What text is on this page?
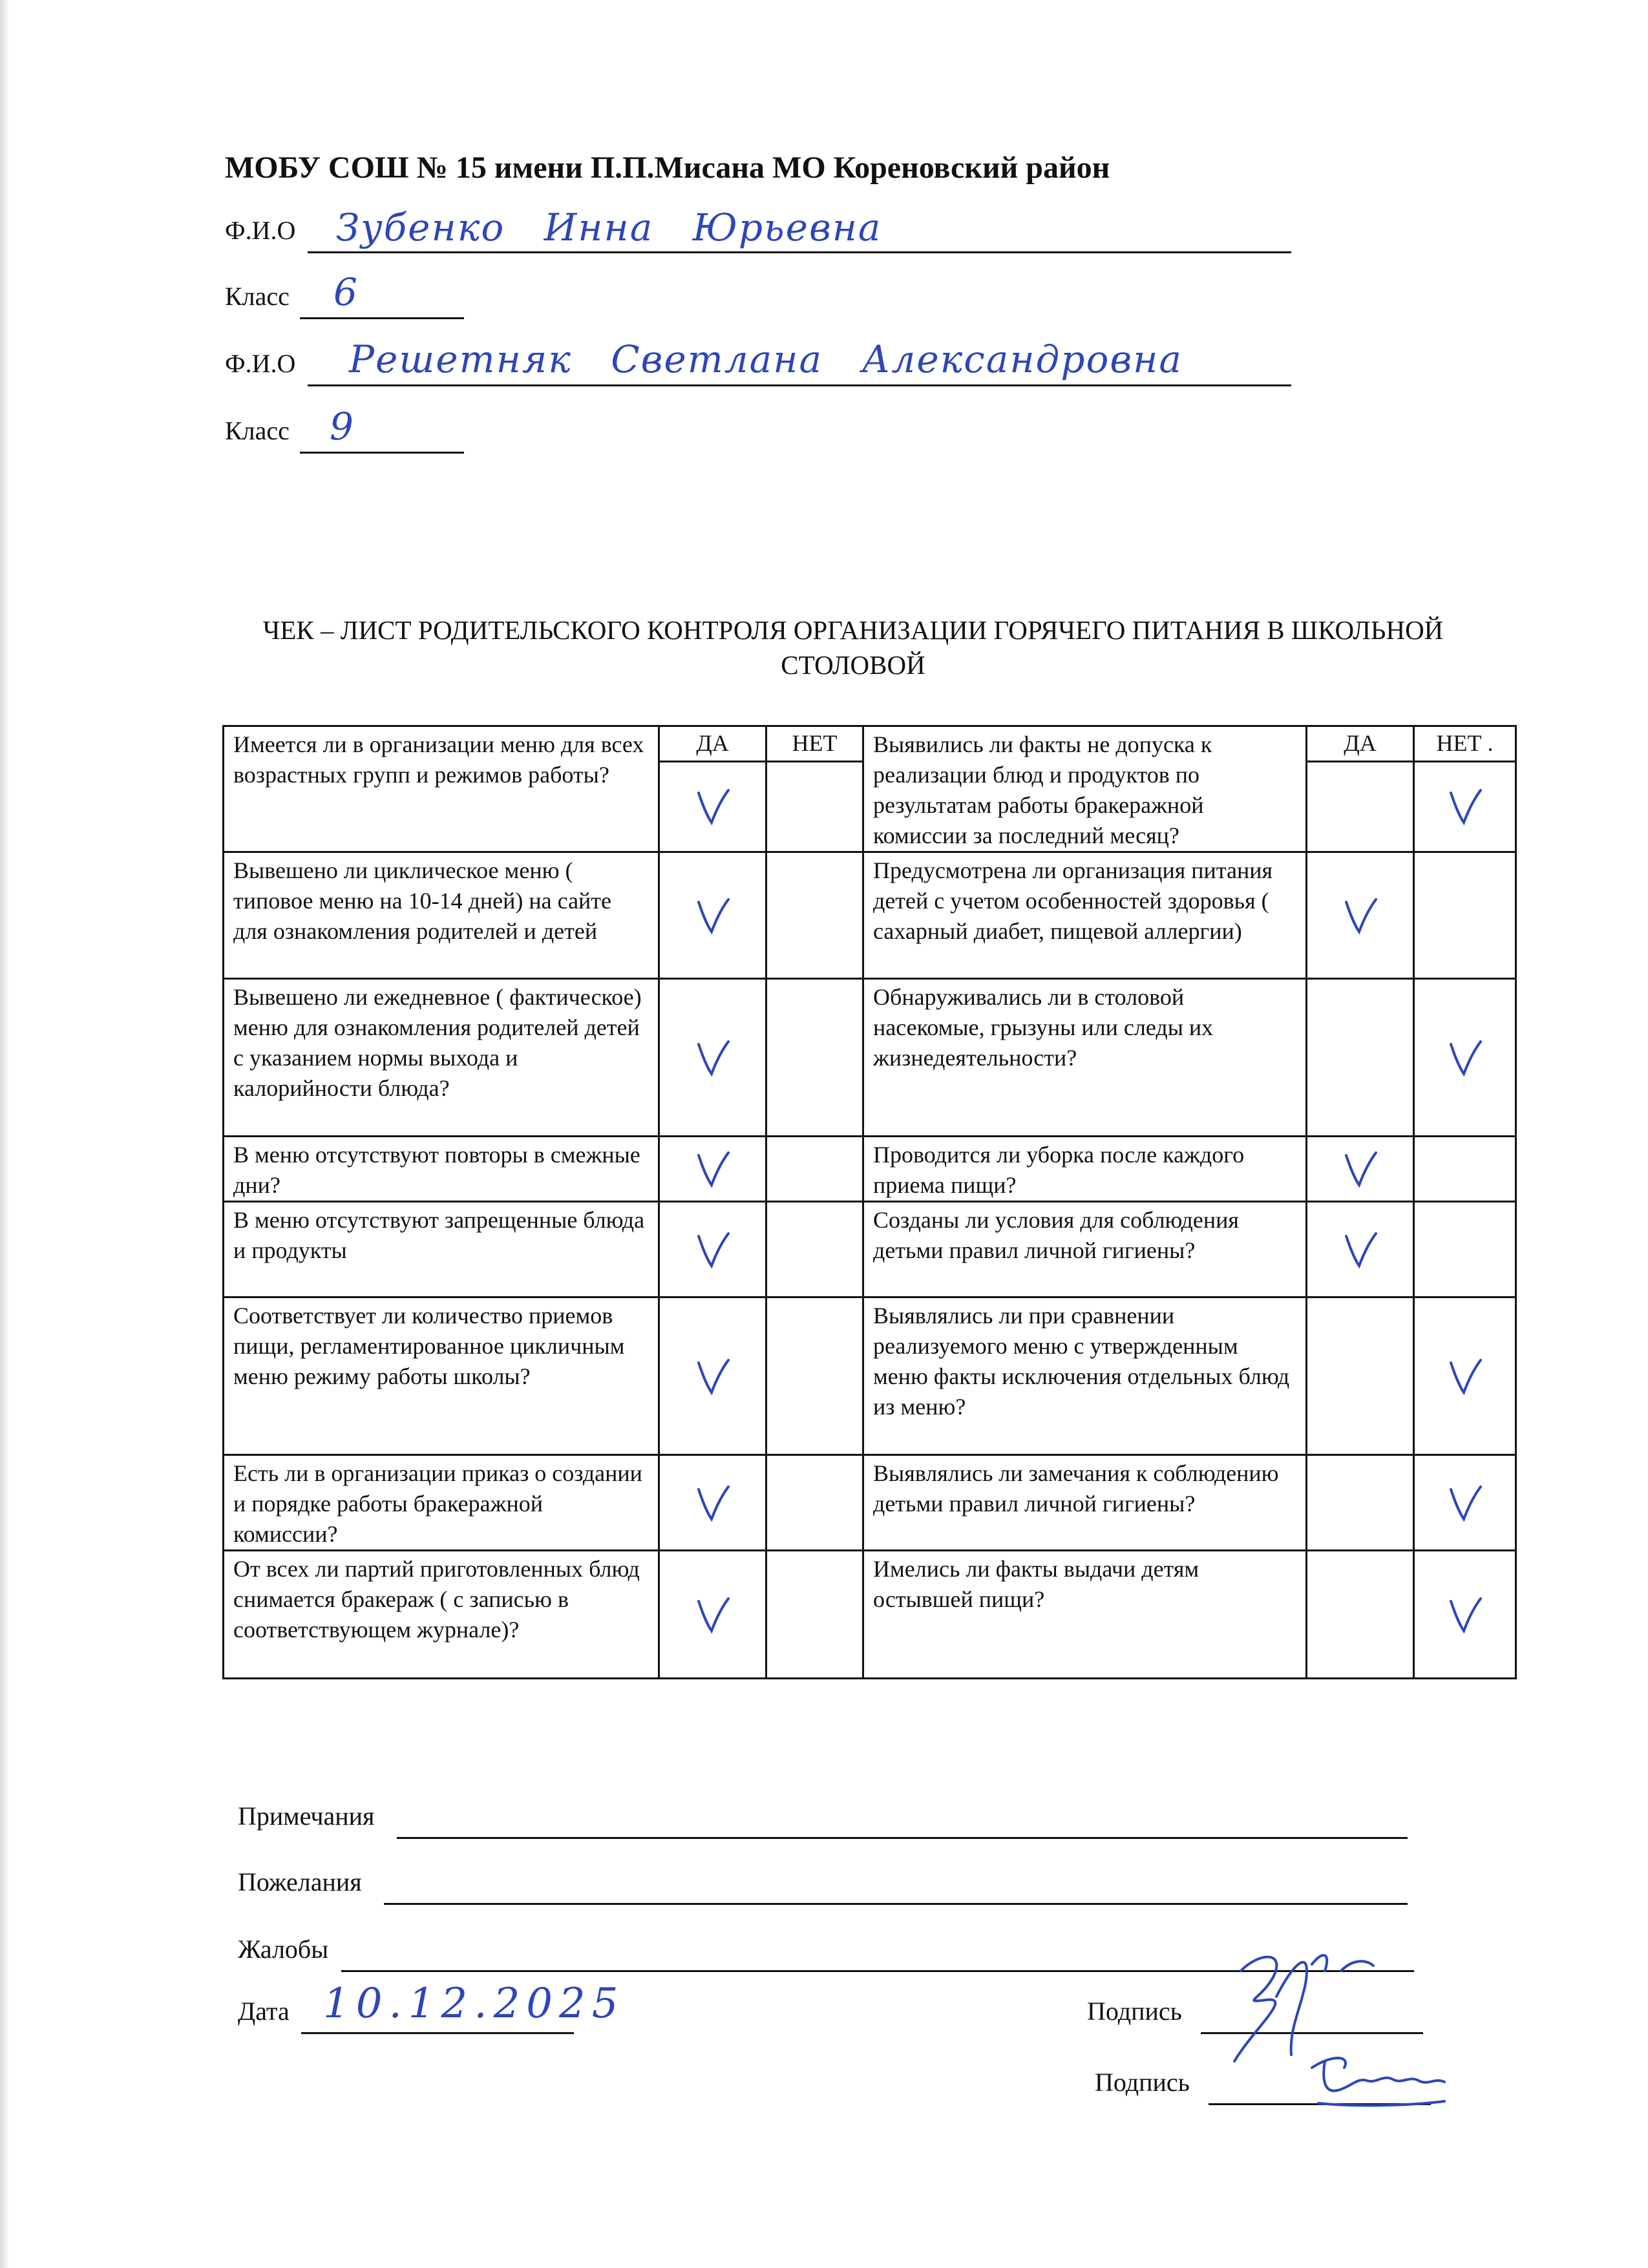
МОБУ СОШ № 15 имени П.П.Мисана МО Кореновский район
Ф.И.О Зубенко Инна Юрьевна
Класс 6
Ф.И.О Решетняк Светлана Александровна
Класс 9
ЧЕК – ЛИСТ РОДИТЕЛЬСКОГО КОНТРОЛЯ ОРГАНИЗАЦИИ ГОРЯЧЕГО ПИТАНИЯ В ШКОЛЬНОЙ СТОЛОВОЙ
Имеется ли в организации меню для всех возрастных групп и режимов работы?	ДА	НЕТ	Выявились ли факты не допуска к реализации блюд и продуктов по результатам работы бракеражной комиссии за последний месяц?	ДА	НЕТ .

Вывешено ли цикличеcкое меню ( типовое меню на 10-14 дней) на сайте для ознакомления родителей и детей			Предусмотрена ли организация питания детей с учетом особенностей здоровья ( сахарный диабет, пищевой аллергии)	

Вывешено ли ежедневное ( фактическое) меню для ознакомления родителей детей с указанием нормы выхода и калорийности блюда?			Обнаруживались ли в столовой насекомые, грызуны или следы их жизнедеятельности?		

В меню отсутствуют повторы в смежные дни?			Проводится ли уборка после каждого приема пищи?	

В меню отсутствуют запрещенные блюда и продукты			Созданы ли условия для соблюдения детьми правил личной гигиены?	

Соответствует ли количество приемов пищи, регламентированное цикличным меню режиму работы школы?			Выявлялись ли при сравнении реализуемого меню с утвержденным меню факты исключения отдельных блюд из меню?		

Есть ли в организации приказ о создании и порядке работы бракеражной комиссии?			Выявлялись ли замечания к соблюдению детьми правил личной гигиены?		

От всех ли партий приготовленных блюд снимается бракераж ( с записью в соответствующем журнале)?			Имелись ли факты выдачи детям остывшей пищи?		
Примечания
Пожелания
Жалобы
Дата 10.12.2025	Подпись
Подпись
